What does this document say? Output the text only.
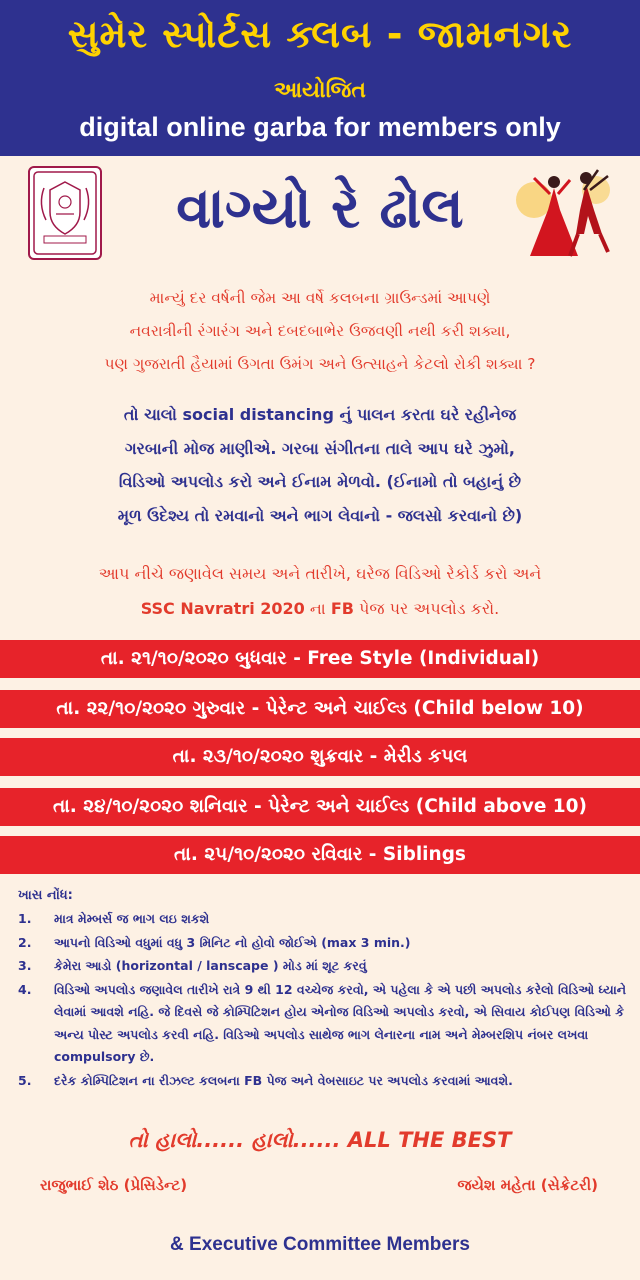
સુમેર સ્પોર્ટસ ક્લબ - જામનગર
આયોજિત
digital online garba for members only
વાગ્યો રે ઢોલ
માન્યું દર વર્ષની જેમ આ વર્ષે કલબના ગ્રાઉન્ડમાં આપણે
નવરાત્રીની રંગારંગ અને દબદબાભેર ઉજવણી નથી કરી શક્યા,
પણ ગુજરાતી હૈયામાં ઉગતા ઉમંગ અને ઉત્સાહને કેટલો રોકી શક્યા ?
તો ચાલો social distancing નું પાલન કરતા ઘરે રહીનેજ
ગરબાની મોજ માણીએ. ગરબા સંગીતના તાલે આપ ઘરે ઝુમો,
વિડિઓ અપલોડ કરો અને ઈનામ મેળવો. (ઈનામો તો બહાનું છે
મૂળ ઉદેશ્ય તો રમવાનો અને ભાગ લેવાનો - જલસો કરવાનો છે)
આપ નીચે જણાવેલ સમય અને તારીખે, ઘરેજ વિડિઓ રેકોર્ડ કરો અને
SSC Navratri 2020 ના FB પેજ પર અપલોડ કરો.
તા. ૨૧/૧૦/૨૦૨૦ બુધવાર - Free Style (Individual)
તા. ૨૨/૧૦/૨૦૨૦ ગુરુવાર - પેરેન્ટ અને ચાઈલ્ડ (Child below 10)
તા. ૨૩/૧૦/૨૦૨૦ શુક્રવાર - મેરીડ કપલ
તા. ૨૪/૧૦/૨૦૨૦ શનિવાર - પેરેન્ટ અને ચાઈલ્ડ (Child above 10)
તા. ૨૫/૧૦/૨૦૨૦ રવિવાર - Siblings
ખાસ નોંધ:
1.	માત્ર મેમ્બર્સ જ ભાગ લઇ શકશે
2.	આપનો વિડિઓ વધુમાં વધુ 3 મિનિટ નો હોવો જોઈએ (max 3 min.)
3.	કેમેરા આડો (horizontal / lanscape ) મોડ માં શૂટ કરવું
4.	વિડિઓ અપલોડ જણાવેલ તારીખે રાત્રે 9 થી 12 વચ્ચેજ કરવો, એ પહેલા કે એ પછી અપલોડ કરેલો વિડિઓ ધ્યાને લેવામાં આવશે નહિ. જે દિવસે જે કોમ્પિટિશન હોય એનોજ વિડિઓ અપલોડ કરવો, એ સિવાય કોઈપણ વિડિઓ કે અન્ય પોસ્ટ અપલોડ કરવી નહિ. વિડિઓ અપલોડ સાથેજ ભાગ લેનારના નામ અને મેમ્બરશિપ નંબર લખવા compulsory છે.
5.	દરેક કોમ્પિટિશન ના રીઝલ્ટ કલબના FB પેજ અને વેબસાઇટ પર અપલોડ કરવામાં આવશે.
તો હાલો...... હાલો...... ALL THE BEST
રાજુભાઈ શેઠ (પ્રેસિડેન્ટ)	જયેશ મહેતા (સેક્રેટરી)
& Executive Committee Members
